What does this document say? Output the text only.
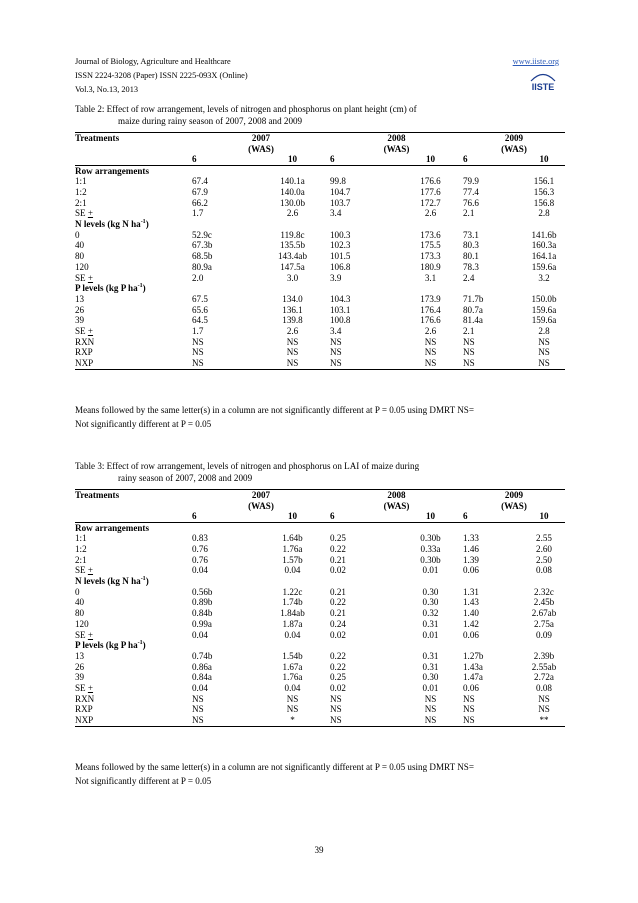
Journal of Biology, Agriculture and Healthcare
ISSN 2224-3208 (Paper) ISSN 2225-093X (Online)
Vol.3, No.13, 2013
www.iiste.org
IISTE
Table 2: Effect of row arrangement, levels of nitrogen and phosphorus on plant height (cm) of
maize during rainy season of 2007, 2008 and 2009
Treatments	2007		2008		2009	
	(WAS)		(WAS)		(WAS)	
	6	10	6	10	6	10
Row arrangements						
1:1	67.4	140.1a	99.8	176.6	79.9	156.1
1:2	67.9	140.0a	104.7	177.6	77.4	156.3
2:1	66.2	130.0b	103.7	172.7	76.6	156.8
SE +	1.7	2.6	3.4	2.6	2.1	2.8
N levels (kg N $ha^{-1}$)						
0	52.9c	119.8c	100.3	173.6	73.1	141.6b
40	67.3b	135.5b	102.3	175.5	80.3	160.3a
80	68.5b	143.4ab	101.5	173.3	80.1	164.1a
120	80.9a	147.5a	106.8	180.9	78.3	159.6a
SE +	2.0	3.0	3.9	3.1	2.4	3.2
P levels (kg P $ha^{-1}$)						
13	67.5	134.0	104.3	173.9	71.7b	150.0b
26	65.6	136.1	103.1	176.4	80.7a	159.6a
39	64.5	139.8	100.8	176.6	81.4a	159.6a
SE +	1.7	2.6	3.4	2.6	2.1	2.8
RXN	NS	NS	NS	NS	NS	NS
RXP	NS	NS	NS	NS	NS	NS
NXP	NS	NS	NS	NS	NS	NS
Means followed by the same letter(s) in a column are not significantly different at P = 0.05 using DMRT NS=
Not significantly different at P = 0.05
Table 3: Effect of row arrangement, levels of nitrogen and phosphorus on LAI of maize during
rainy season of 2007, 2008 and 2009
Treatments	2007		2008		2009	
	(WAS)		(WAS)		(WAS)	
	6	10	6	10	6	10
Row arrangements						
1:1	0.83	1.64b	0.25	0.30b	1.33	2.55
1:2	0.76	1.76a	0.22	0.33a	1.46	2.60
2:1	0.76	1.57b	0.21	0.30b	1.39	2.50
SE +	0.04	0.04	0.02	0.01	0.06	0.08
N levels (kg N $ha^{-1}$)						
0	0.56b	1.22c	0.21	0.30	1.31	2.32c
40	0.89b	1.74b	0.22	0.30	1.43	2.45b
80	0.84b	1.84ab	0.21	0.32	1.40	2.67ab
120	0.99a	1.87a	0.24	0.31	1.42	2.75a
SE +	0.04	0.04	0.02	0.01	0.06	0.09
P levels (kg P $ha^{-1}$)						
13	0.74b	1.54b	0.22	0.31	1.27b	2.39b
26	0.86a	1.67a	0.22	0.31	1.43a	2.55ab
39	0.84a	1.76a	0.25	0.30	1.47a	2.72a
SE +	0.04	0.04	0.02	0.01	0.06	0.08
RXN	NS	NS	NS	NS	NS	NS
RXP	NS	NS	NS	NS	NS	NS
NXP	NS	*	NS	NS	NS	**
Means followed by the same letter(s) in a column are not significantly different at P = 0.05 using DMRT NS=
Not significantly different at P = 0.05
39
